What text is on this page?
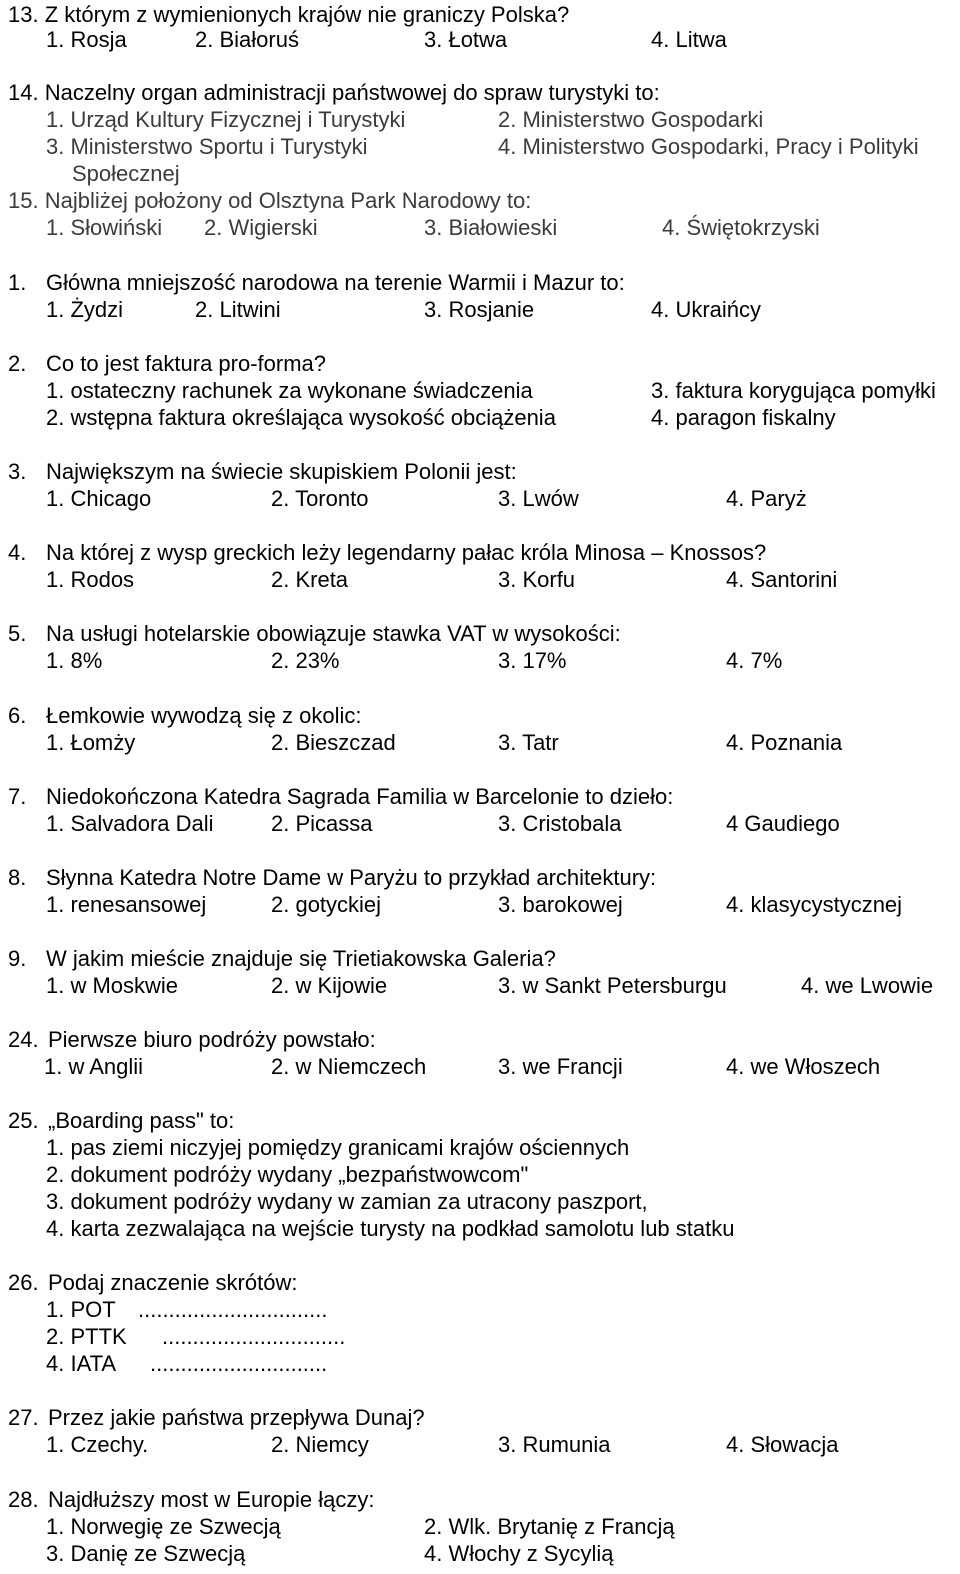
13. Z którym z wymienionych krajów nie graniczy Polska?
1. Rosja	2. Białoruś	3. Łotwa	4. Litwa
14. Naczelny organ administracji państwowej do spraw turystyki to:
1. Urząd Kultury Fizycznej i Turystyki	2. Ministerstwo Gospodarki
3. Ministerstwo Sportu i Turystyki	4. Ministerstwo Gospodarki, Pracy i Polityki
Społecznej
15. Najbliżej położony od Olsztyna Park Narodowy to:
1. Słowiński 2. Wigierski	3. Białowieski	4. Świętokrzyski
1. Główna mniejszość narodowa na terenie Warmii i Mazur to:
1. Żydzi	2. Litwini	3. Rosjanie	4. Ukraińcy
2. Co to jest faktura pro-forma?
1. ostateczny rachunek za wykonane świadczenia	3. faktura korygująca pomyłki
2. wstępna faktura określająca wysokość obciążenia	4. paragon fiskalny
3. Największym na świecie skupiskiem Polonii jest:
1. Chicago	2. Toronto	3. Lwów	4. Paryż
4. Na której z wysp greckich leży legendarny pałac króla Minosa – Knossos?
1. Rodos	2. Kreta	3. Korfu	4. Santorini
5. Na usługi hotelarskie obowiązuje stawka VAT w wysokości:
1. 8%	2. 23%	3. 17%	4. 7%
6. Łemkowie wywodzą się z okolic:
1. Łomży	2. Bieszczad	3. Tatr	4. Poznania
7. Niedokończona Katedra Sagrada Familia w Barcelonie to dzieło:
1. Salvadora Dali	2. Picassa	3. Cristobala	4 Gaudiego
8. Słynna Katedra Notre Dame w Paryżu to przykład architektury:
1. renesansowej	2. gotyckiej	3. barokowej	4. klasycystycznej
9. W jakim mieście znajduje się Trietiakowska Galeria?
1. w Moskwie	2. w Kijowie	3. w Sankt Petersburgu	4. we Lwowie
24. Pierwsze biuro podróży powstało:
1. w Anglii	2. w Niemczech	3. we Francji	4. we Włoszech
25. „Boarding pass" to:
1. pas ziemi niczyjej pomiędzy granicami krajów ościennych
2. dokument podróży wydany „bezpaństwowcom"
3. dokument podróży wydany w zamian za utracony paszport,
4. karta zezwalająca na wejście turysty na podkład samolotu lub statku
26. Podaj znaczenie skrótów:
1. POT ...............................
2. PTTK ..............................
4. IATA .............................
27. Przez jakie państwa przepływa Dunaj?
1. Czechy.	2. Niemcy	3. Rumunia	4. Słowacja
28. Najdłuższy most w Europie łączy:
1. Norwegię ze Szwecją	2. Wlk. Brytanię z Francją
3. Danię ze Szwecją	4. Włochy z Sycylią
